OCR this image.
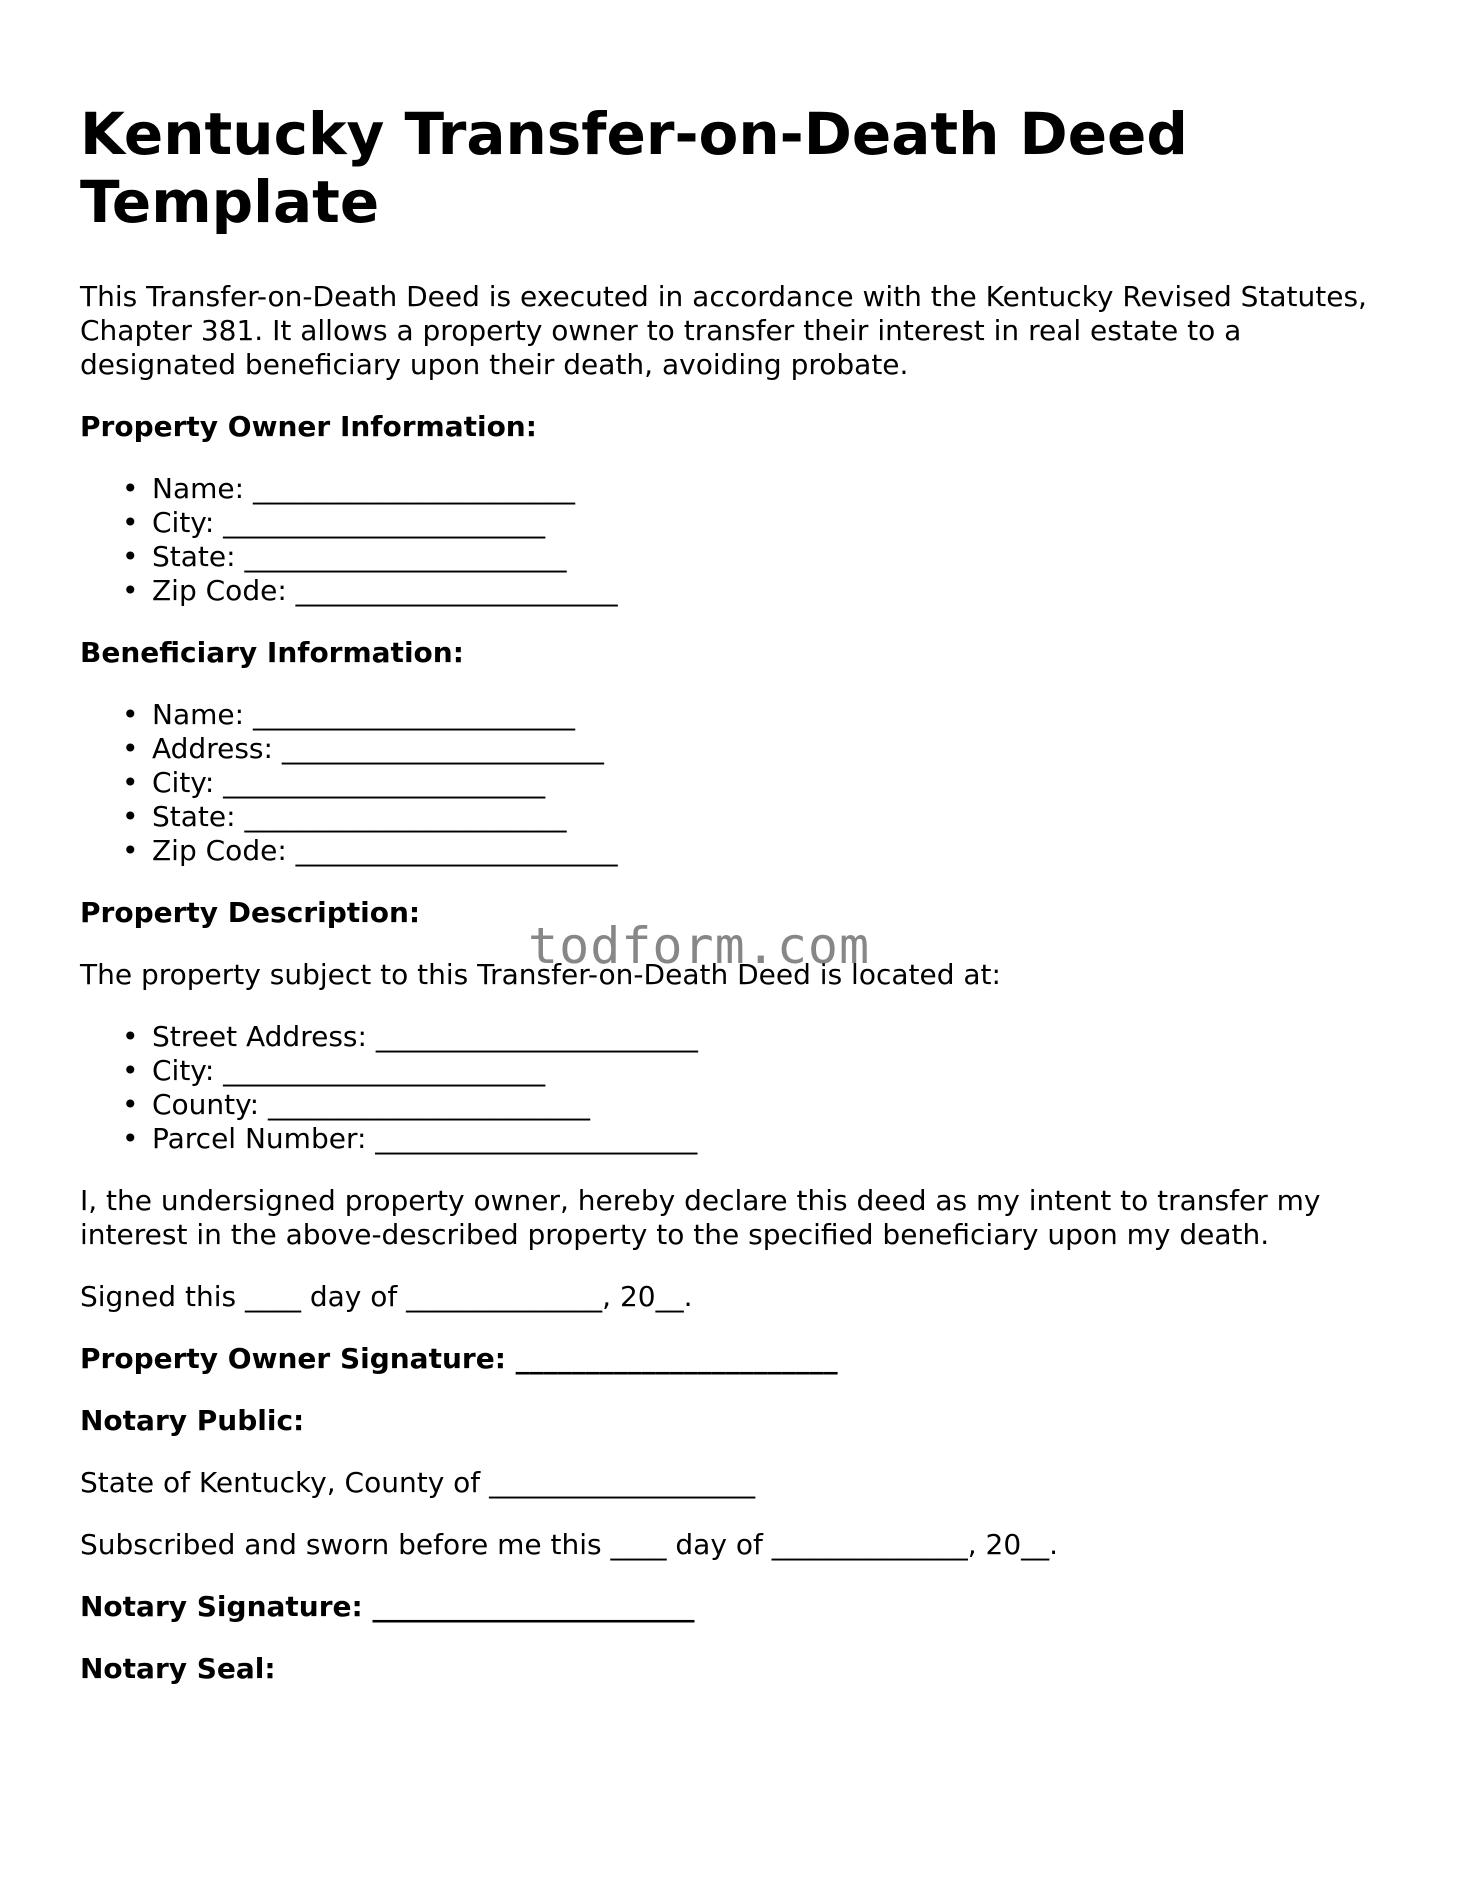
Kentucky Transfer-on-Death Deed Template

This Transfer-on-Death Deed is executed in accordance with the Kentucky Revised Statutes, Chapter 381. It allows a property owner to transfer their interest in real estate to a designated beneficiary upon their death, avoiding probate.

Property Owner Information:
• Name: _______________________
• City: _______________________
• State: _______________________
• Zip Code: _______________________
Beneficiary Information:
• Name: _______________________
• Address: _______________________
• City: _______________________
• State: _______________________
• Zip Code: _______________________
Property Description:

The property subject to this Transfer-on-Death Deed is located at:

• Street Address: _______________________
• City: _______________________
• County: _______________________
• Parcel Number: _______________________

I, the undersigned property owner, hereby declare this deed as my intent to transfer my interest in the above-described property to the specified beneficiary upon my death.

Signed this ____ day of ______________, 20__.

Property Owner Signature: _______________________
Notary Public:

State of Kentucky, County of ___________________

Subscribed and sworn before me this ____ day of ______________, 20__.

Notary Signature: _______________________
Notary Seal:
todform.com
